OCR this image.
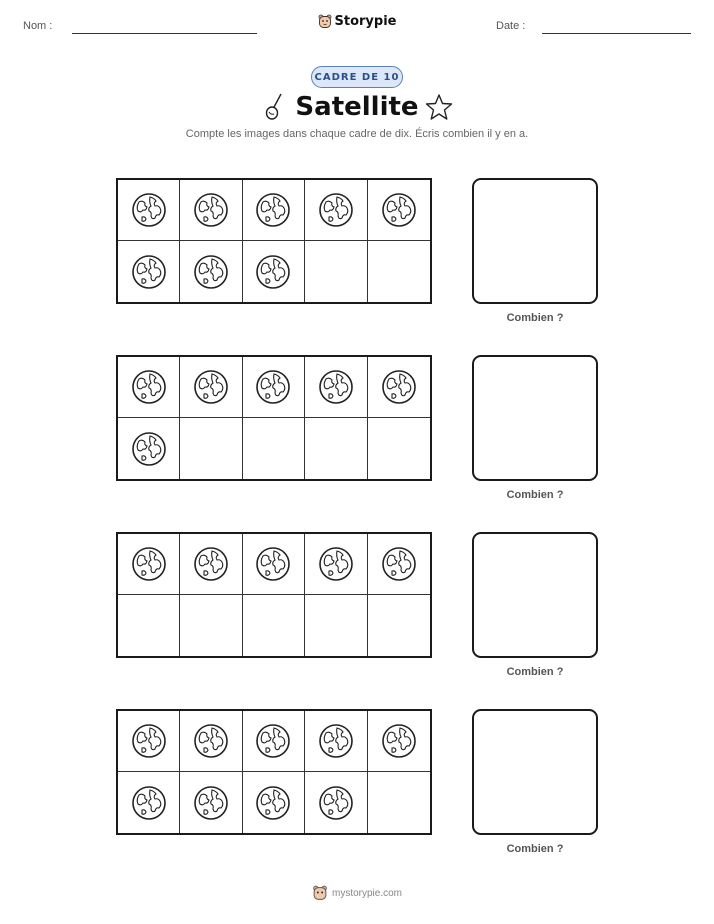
Nom :	Storypie	Date :
CADRE DE 10
Satellite
Compte les images dans chaque cadre de dix. Écris combien il y en a.
Combien ?
Combien ?
Combien ?
Combien ?
mystorypie.com
